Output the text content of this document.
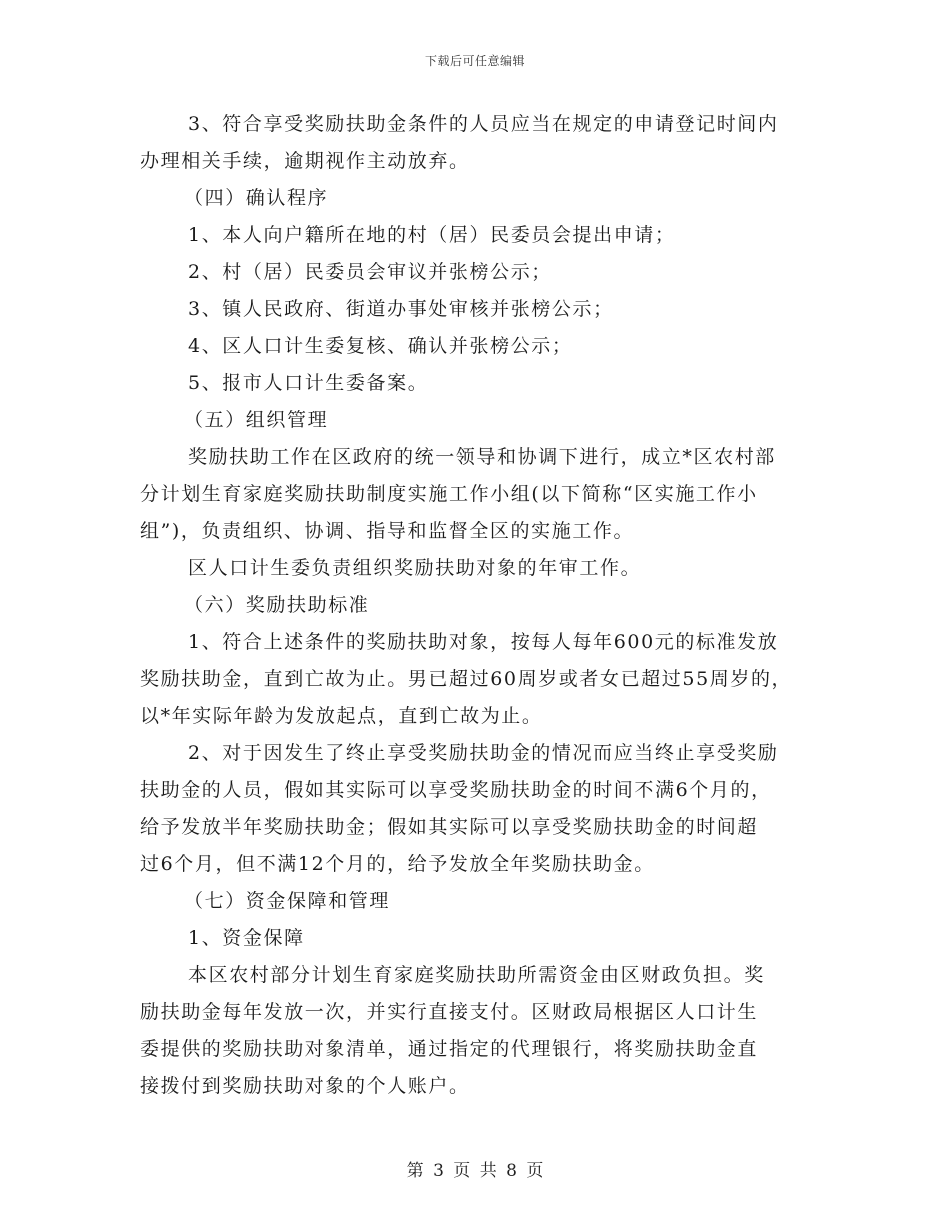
下载后可任意编辑
3、符合享受奖励扶助金条件的人员应当在规定的申请登记时间内
办理相关手续，逾期视作主动放弃。
（四）确认程序
1、本人向户籍所在地的村（居）民委员会提出申请；
2、村（居）民委员会审议并张榜公示；
3、镇人民政府、街道办事处审核并张榜公示；
4、区人口计生委复核、确认并张榜公示；
5、报市人口计生委备案。
（五）组织管理
奖励扶助工作在区政府的统一领导和协调下进行，成立*区农村部
分计划生育家庭奖励扶助制度实施工作小组(以下简称“区实施工作小
组”)，负责组织、协调、指导和监督全区的实施工作。
区人口计生委负责组织奖励扶助对象的年审工作。
（六）奖励扶助标准
1、符合上述条件的奖励扶助对象，按每人每年600元的标准发放
奖励扶助金，直到亡故为止。男已超过60周岁或者女已超过55周岁的，
以*年实际年龄为发放起点，直到亡故为止。
2、对于因发生了终止享受奖励扶助金的情况而应当终止享受奖励
扶助金的人员，假如其实际可以享受奖励扶助金的时间不满6个月的，
给予发放半年奖励扶助金；假如其实际可以享受奖励扶助金的时间超
过6个月，但不满12个月的，给予发放全年奖励扶助金。
（七）资金保障和管理
1、资金保障
本区农村部分计划生育家庭奖励扶助所需资金由区财政负担。奖
励扶助金每年发放一次，并实行直接支付。区财政局根据区人口计生
委提供的奖励扶助对象清单，通过指定的代理银行，将奖励扶助金直
接拨付到奖励扶助对象的个人账户。
第 3 页 共 8 页
